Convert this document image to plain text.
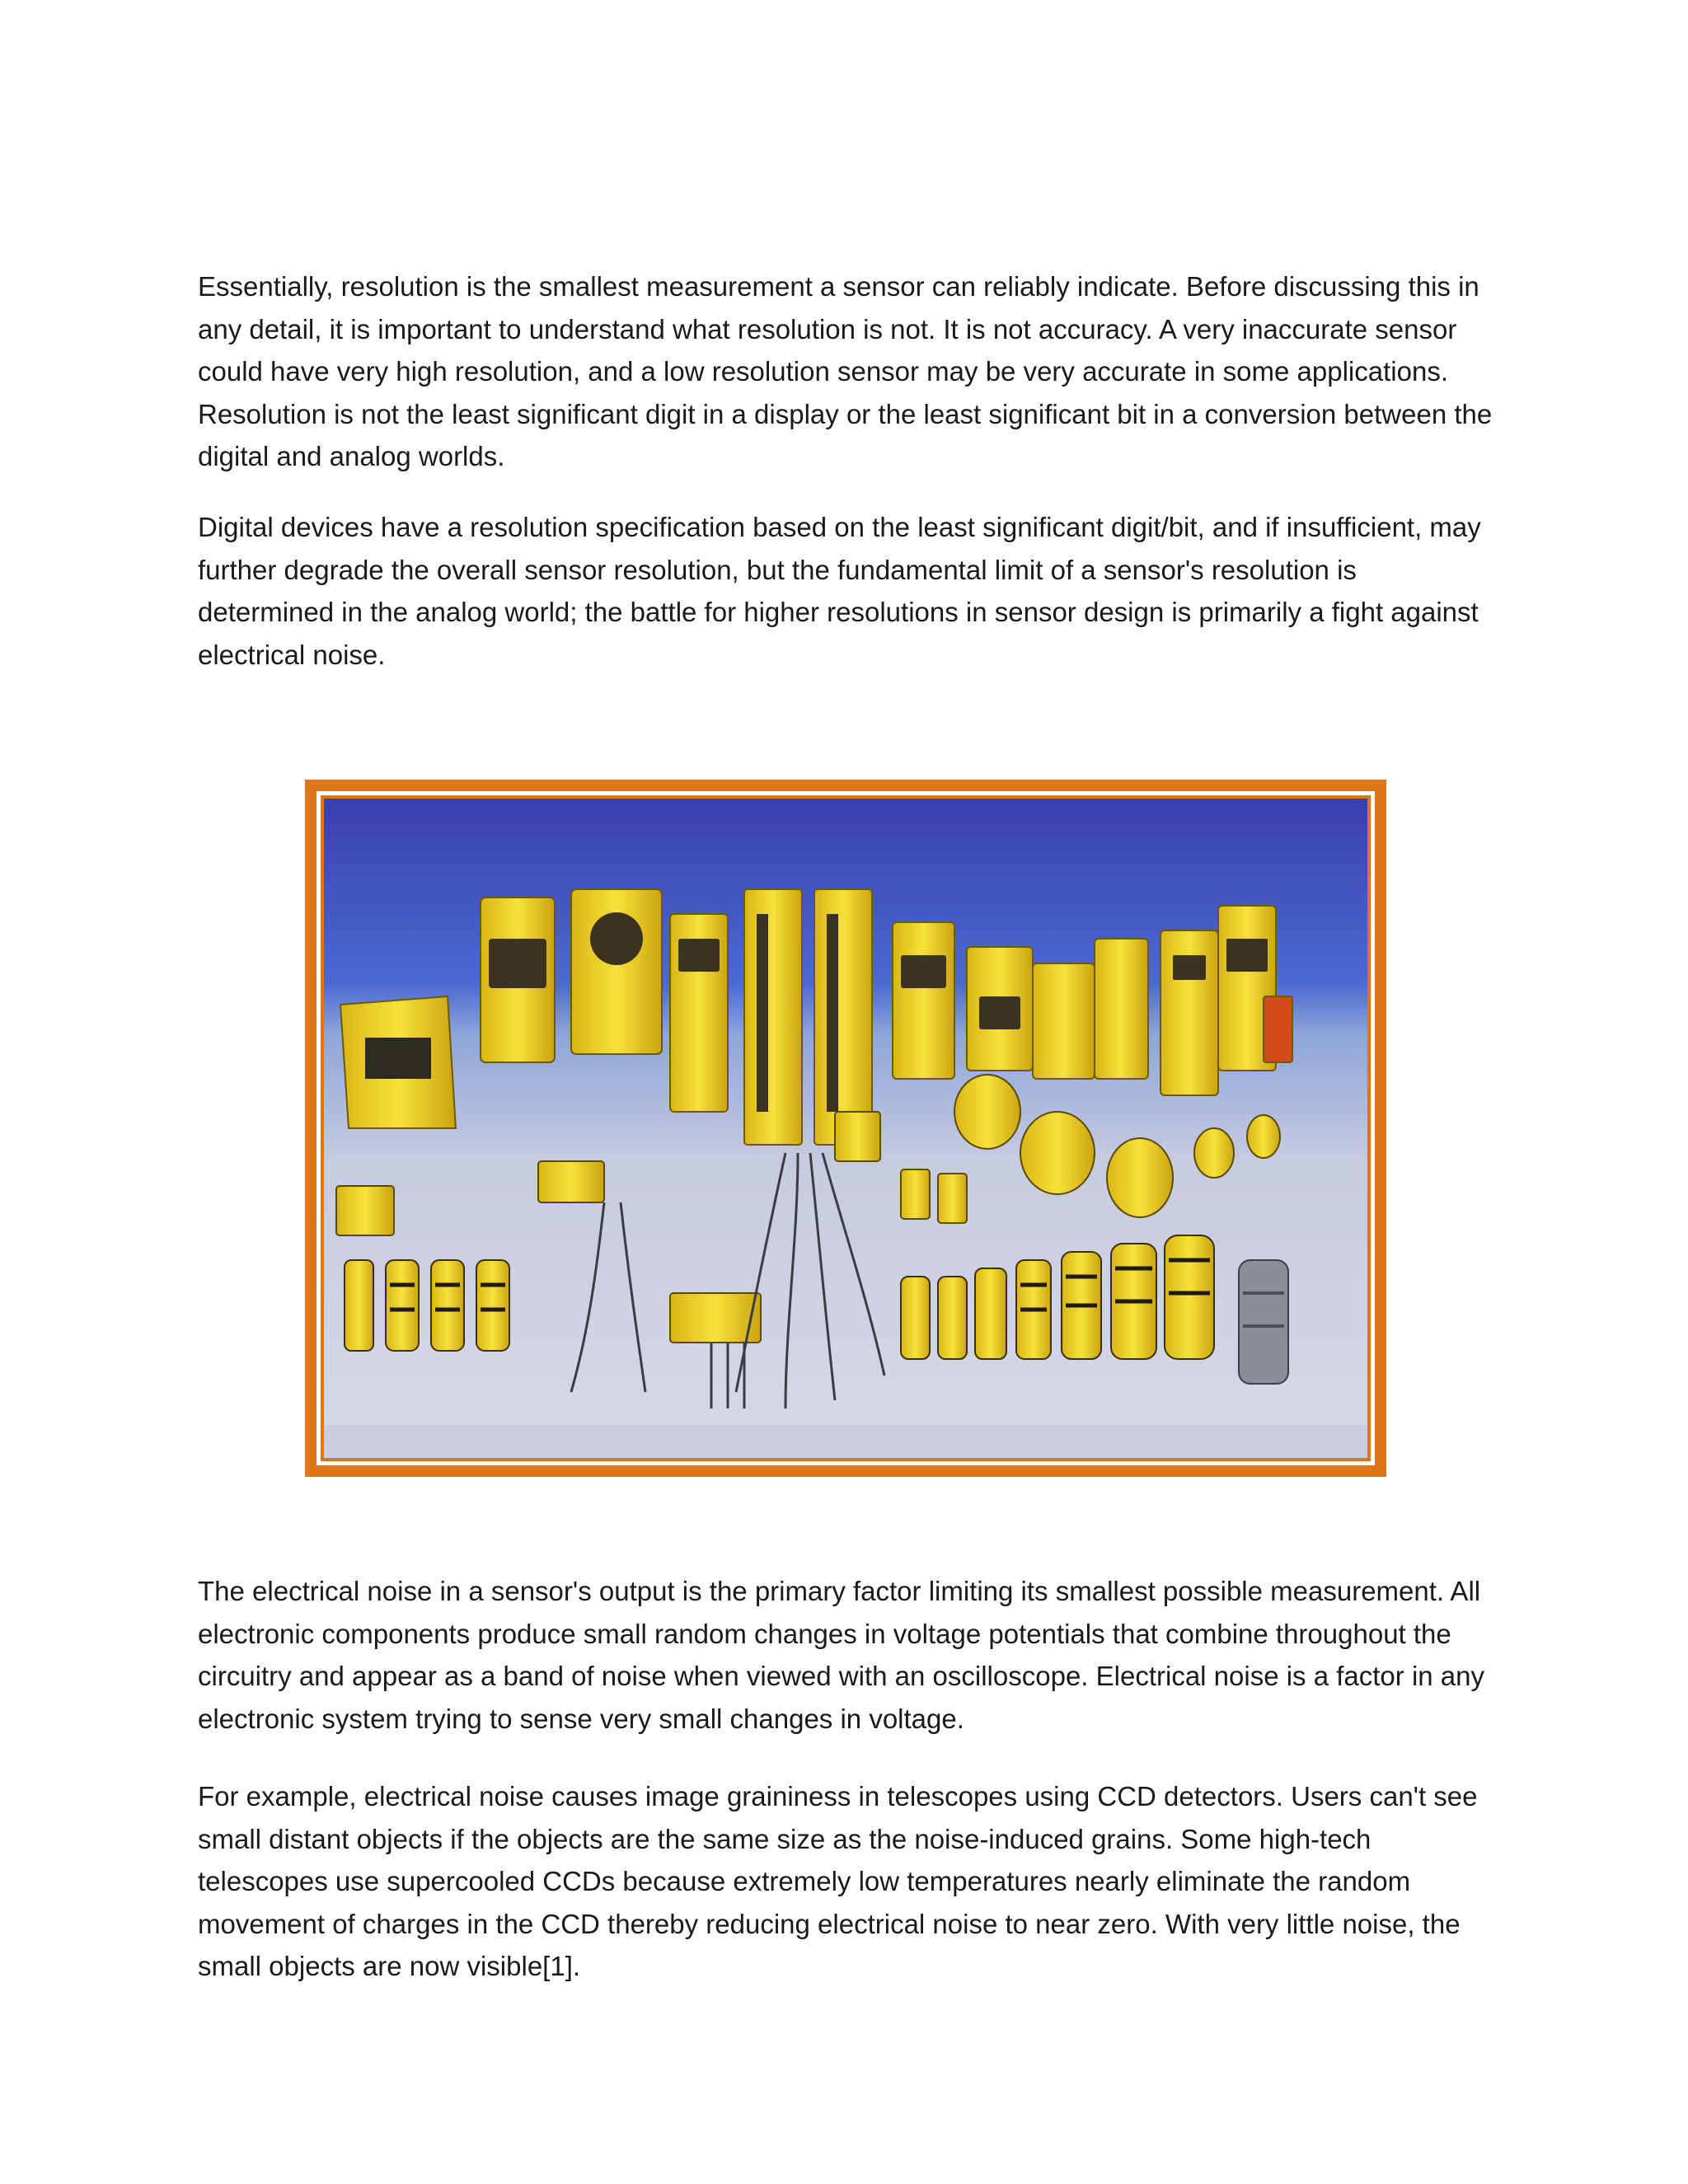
Essentially, resolution is the smallest measurement a sensor can reliably indicate. Before discussing this in any detail, it is important to understand what resolution is not. It is not accuracy. A very inaccurate sensor could have very high resolution, and a low resolution sensor may be very accurate in some applications. Resolution is not the least significant digit in a display or the least significant bit in a conversion between the digital and analog worlds.

Digital devices have a resolution specification based on the least significant digit/bit, and if insufficient, may further degrade the overall sensor resolution, but the fundamental limit of a sensor's resolution is determined in the analog world; the battle for higher resolutions in sensor design is primarily a fight against electrical noise.

The electrical noise in a sensor's output is the primary factor limiting its smallest possible measurement. All electronic components produce small random changes in voltage potentials that combine throughout the circuitry and appear as a band of noise when viewed with an oscilloscope. Electrical noise is a factor in any electronic system trying to sense very small changes in voltage.

For example, electrical noise causes image graininess in telescopes using CCD detectors. Users can't see small distant objects if the objects are the same size as the noise-induced grains. Some high-tech telescopes use supercooled CCDs because extremely low temperatures nearly eliminate the random movement of charges in the CCD thereby reducing electrical noise to near zero. With very little noise, the small objects are now visible[1].
